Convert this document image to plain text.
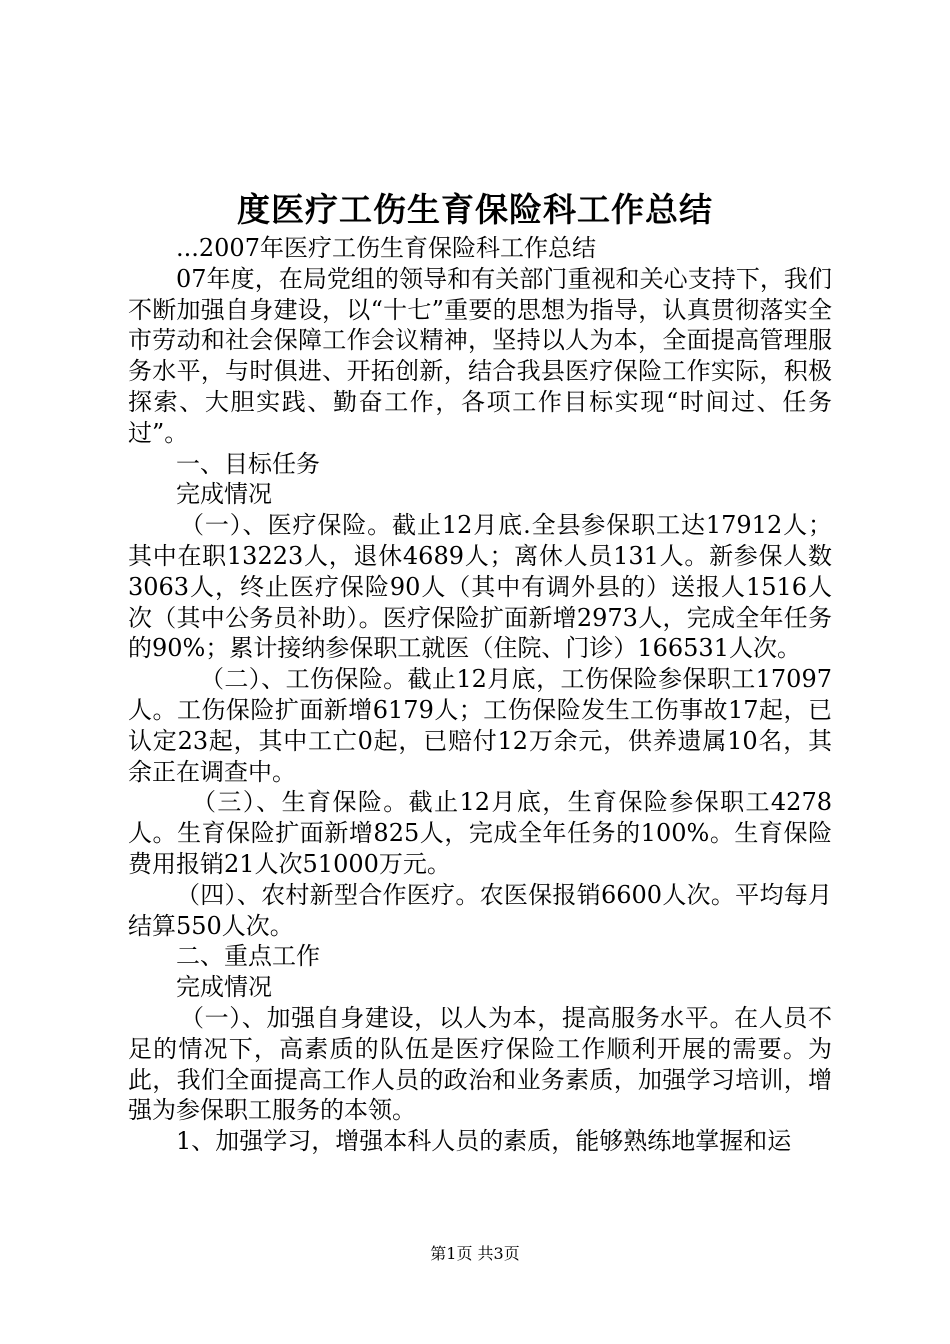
度医疗工伤生育保险科工作总结

...2007年医疗工伤生育保险科工作总结

07年度，在局党组的领导和有关部门重视和关心支持下，我们不断加强自身建设，以“十七”重要的思想为指导，认真贯彻落实全市劳动和社会保障工作会议精神，坚持以人为本，全面提高管理服务水平，与时俱进、开拓创新，结合我县医疗保险工作实际，积极探索、大胆实践、勤奋工作，各项工作目标实现“时间过、任务过”。

一、目标任务

完成情况

（一）、医疗保险。截止12月底.全县参保职工达17912人；其中在职13223人，退休4689人；离休人员131人。新参保人数3063人，终止医疗保险90人（其中有调外县的）送报人1516人次（其中公务员补助）。医疗保险扩面新增2973人，完成全年任务的90%；累计接纳参保职工就医（住院、门诊）166531人次。

（二）、工伤保险。截止12月底，工伤保险参保职工17097人。工伤保险扩面新增6179人；工伤保险发生工伤事故17起，已认定23起，其中工亡0起，已赔付12万余元，供养遗属10名，其余正在调查中。

（三）、生育保险。截止12月底，生育保险参保职工4278人。生育保险扩面新增825人，完成全年任务的100%。生育保险费用报销21人次51000万元。

（四）、农村新型合作医疗。农医保报销6600人次。平均每月结算550人次。

二、重点工作

完成情况

（一）、加强自身建设，以人为本，提高服务水平。在人员不足的情况下，高素质的队伍是医疗保险工作顺利开展的需要。为此，我们全面提高工作人员的政治和业务素质，加强学习培训，增强为参保职工服务的本领。

1、加强学习，增强本科人员的素质，能够熟练地掌握和运

第1页 共3页
